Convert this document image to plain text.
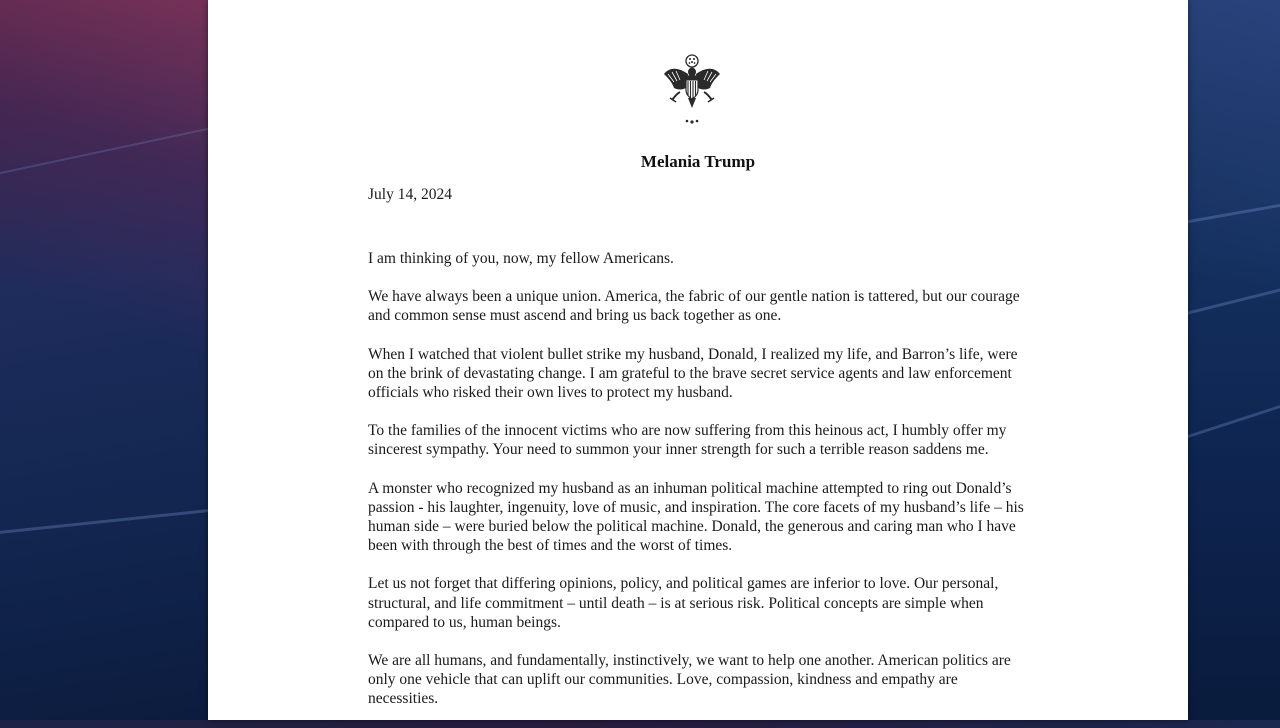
Melania Trump
July 14, 2024

I am thinking of you, now, my fellow Americans.

We have always been a unique union. America, the fabric of our gentle nation is tattered, but our courage and common sense must ascend and bring us back together as one.

When I watched that violent bullet strike my husband, Donald, I realized my life, and Barron’s life, were on the brink of devastating change. I am grateful to the brave secret service agents and law enforcement officials who risked their own lives to protect my husband.

To the families of the innocent victims who are now suffering from this heinous act, I humbly offer my sincerest sympathy. Your need to summon your inner strength for such a terrible reason saddens me.

A monster who recognized my husband as an inhuman political machine attempted to ring out Donald’s passion - his laughter, ingenuity, love of music, and inspiration. The core facets of my husband’s life – his human side – were buried below the political machine. Donald, the generous and caring man who I have been with through the best of times and the worst of times.

Let us not forget that differing opinions, policy, and political games are inferior to love. Our personal, structural, and life commitment – until death – is at serious risk. Political concepts are simple when compared to us, human beings.

We are all humans, and fundamentally, instinctively, we want to help one another. American politics are only one vehicle that can uplift our communities. Love, compassion, kindness and empathy are necessities.
